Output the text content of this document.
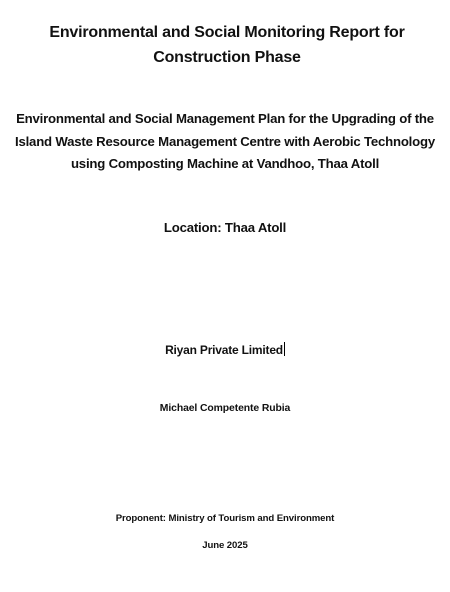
Environmental and Social Monitoring Report for Construction Phase
Environmental and Social Management Plan for the Upgrading of the Island Waste Resource Management Centre with Aerobic Technology using Composting Machine at Vandhoo, Thaa Atoll
Location: Thaa Atoll
Riyan Private Limited
Michael Competente Rubia
Proponent: Ministry of Tourism and Environment
June 2025
